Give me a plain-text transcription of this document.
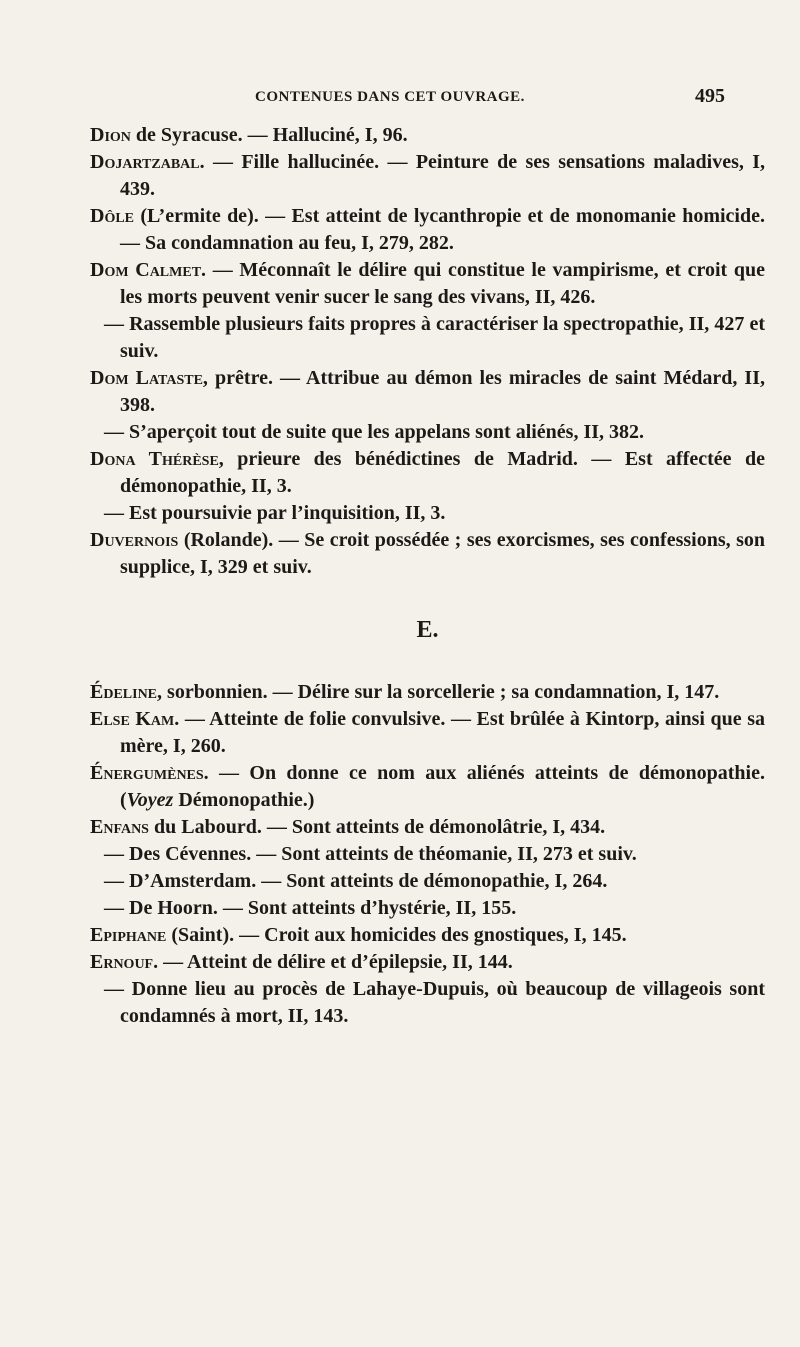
CONTENUES DANS CET OUVRAGE.	495
Dion de Syracuse. — Halluciné, I, 96.
Dojartzabal. — Fille hallucinée. — Peinture de ses sensations maladives, I, 439.
Dôle (L’ermite de). — Est atteint de lycanthropie et de monomanie homicide. — Sa condamnation au feu, I, 279, 282.
Dom Calmet. — Méconnaît le délire qui constitue le vampirisme, et croit que les morts peuvent venir sucer le sang des vivans, II, 426.
— Rassemble plusieurs faits propres à caractériser la spectropathie, II, 427 et suiv.
Dom Lataste, prêtre. — Attribue au démon les miracles de saint Médard, II, 398.
— S’aperçoit tout de suite que les appelans sont aliénés, II, 382.
Dona Thérèse, prieure des bénédictines de Madrid. — Est affectée de démonopathie, II, 3.
— Est poursuivie par l’inquisition, II, 3.
Duvernois (Rolande). — Se croit possédée ; ses exorcismes, ses confessions, son supplice, I, 329 et suiv.
E.
Édeline, sorbonnien. — Délire sur la sorcellerie ; sa condamnation, I, 147.
Else Kam. — Atteinte de folie convulsive. — Est brûlée à Kintorp, ainsi que sa mère, I, 260.
Énergumènes. — On donne ce nom aux aliénés atteints de démonopathie. (Voyez Démonopathie.)
Enfans du Labourd. — Sont atteints de démonolâtrie, I, 434.
— Des Cévennes. — Sont atteints de théomanie, II, 273 et suiv.
— D’Amsterdam. — Sont atteints de démonopathie, I, 264.
— De Hoorn. — Sont atteints d’hystérie, II, 155.
Epiphane (Saint). — Croit aux homicides des gnostiques, I, 145.
Ernouf. — Atteint de délire et d’épilepsie, II, 144.
— Donne lieu au procès de Lahaye-Dupuis, où beaucoup de villageois sont condamnés à mort, II, 143.
